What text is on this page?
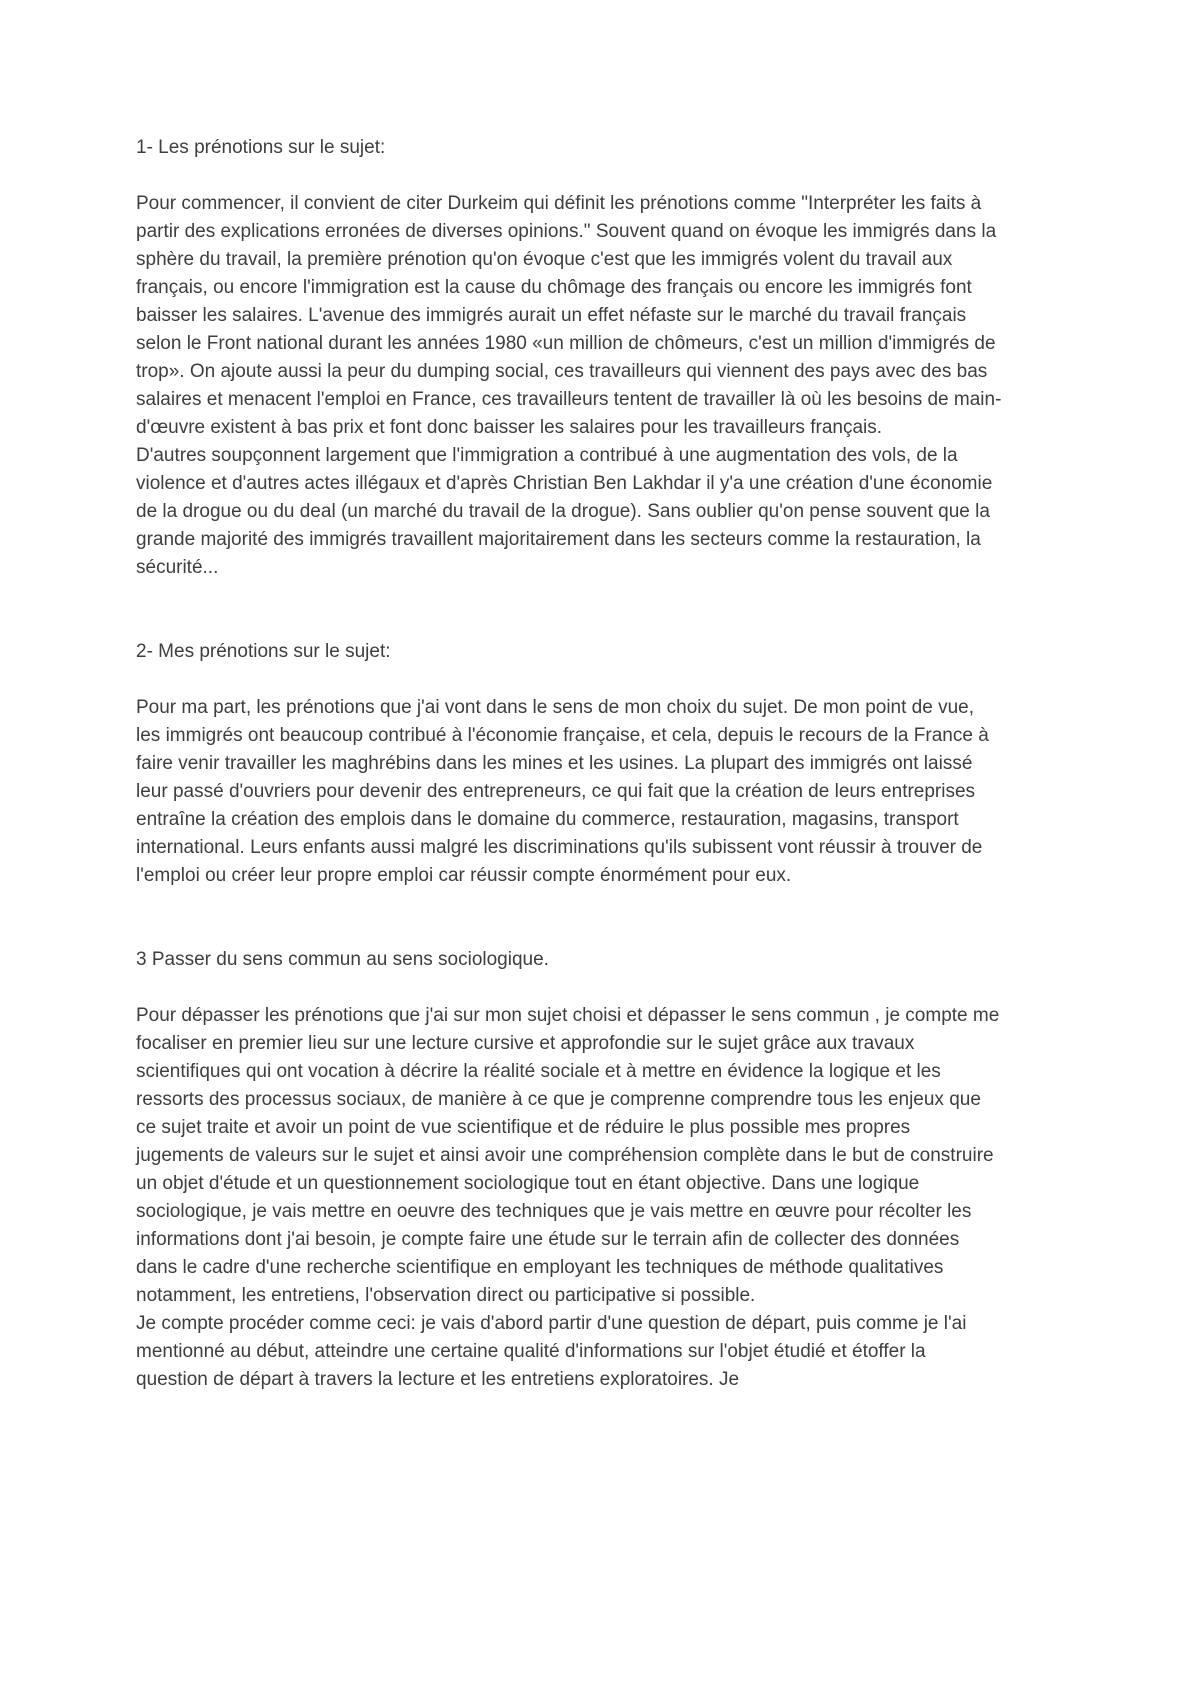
1- Les prénotions sur le sujet:

Pour commencer, il convient de citer Durkeim qui définit les prénotions comme "Interpréter les faits à partir des explications erronées de diverses opinions." Souvent quand on évoque les immigrés dans la sphère du travail, la première prénotion qu'on évoque c'est que les immigrés volent du travail aux français, ou encore l'immigration est la cause du chômage des français ou encore les immigrés font baisser les salaires. L'avenue des immigrés aurait un effet néfaste sur le marché du travail français selon le Front national durant les années 1980 «un million de chômeurs, c'est un million d'immigrés de trop». On ajoute aussi la peur du dumping social, ces travailleurs qui viennent des pays avec des bas salaires et menacent l'emploi en France, ces travailleurs tentent de travailler là où les besoins de main-d'œuvre existent à bas prix et font donc baisser les salaires pour les travailleurs français.

D'autres soupçonnent largement que l'immigration a contribué à une augmentation des vols, de la violence et d'autres actes illégaux et d'après Christian Ben Lakhdar il y'a une création d'une économie de la drogue ou du deal (un marché du travail de la drogue). Sans oublier qu'on pense souvent que la grande majorité des immigrés travaillent majoritairement dans les secteurs comme la restauration, la sécurité...

2- Mes prénotions sur le sujet:

Pour ma part, les prénotions que j'ai vont dans le sens de mon choix du sujet. De mon point de vue, les immigrés ont beaucoup contribué à l'économie française, et cela, depuis le recours de la France à faire venir travailler les maghrébins dans les mines et les usines. La plupart des immigrés ont laissé leur passé d'ouvriers pour devenir des entrepreneurs, ce qui fait que la création de leurs entreprises entraîne la création des emplois dans le domaine du commerce, restauration, magasins, transport international. Leurs enfants aussi malgré les discriminations qu'ils subissent vont réussir à trouver de l'emploi ou créer leur propre emploi car réussir compte énormément pour eux.

3 Passer du sens commun au sens sociologique.

Pour dépasser les prénotions que j'ai sur mon sujet choisi et dépasser le sens commun , je compte me focaliser en premier lieu sur une lecture cursive et approfondie sur le sujet grâce aux travaux scientifiques qui ont vocation à décrire la réalité sociale et à mettre en évidence la logique et les ressorts des processus sociaux, de manière à ce que je comprenne comprendre tous les enjeux que ce sujet traite et avoir un point de vue scientifique et de réduire le plus possible mes propres jugements de valeurs sur le sujet et ainsi avoir une compréhension complète dans le but de construire un objet d'étude et un questionnement sociologique tout en étant objective. Dans une logique sociologique, je vais mettre en oeuvre des techniques que je vais mettre en œuvre pour récolter les informations dont j'ai besoin, je compte faire une étude sur le terrain afin de collecter des données dans le cadre d'une recherche scientifique en employant les techniques de méthode qualitatives notamment, les entretiens, l'observation direct ou participative si possible.

Je compte procéder comme ceci: je vais d'abord partir d'une question de départ, puis comme je l'ai mentionné au début, atteindre une certaine qualité d'informations sur l'objet étudié et étoffer la question de départ à travers la lecture et les entretiens exploratoires. Je
